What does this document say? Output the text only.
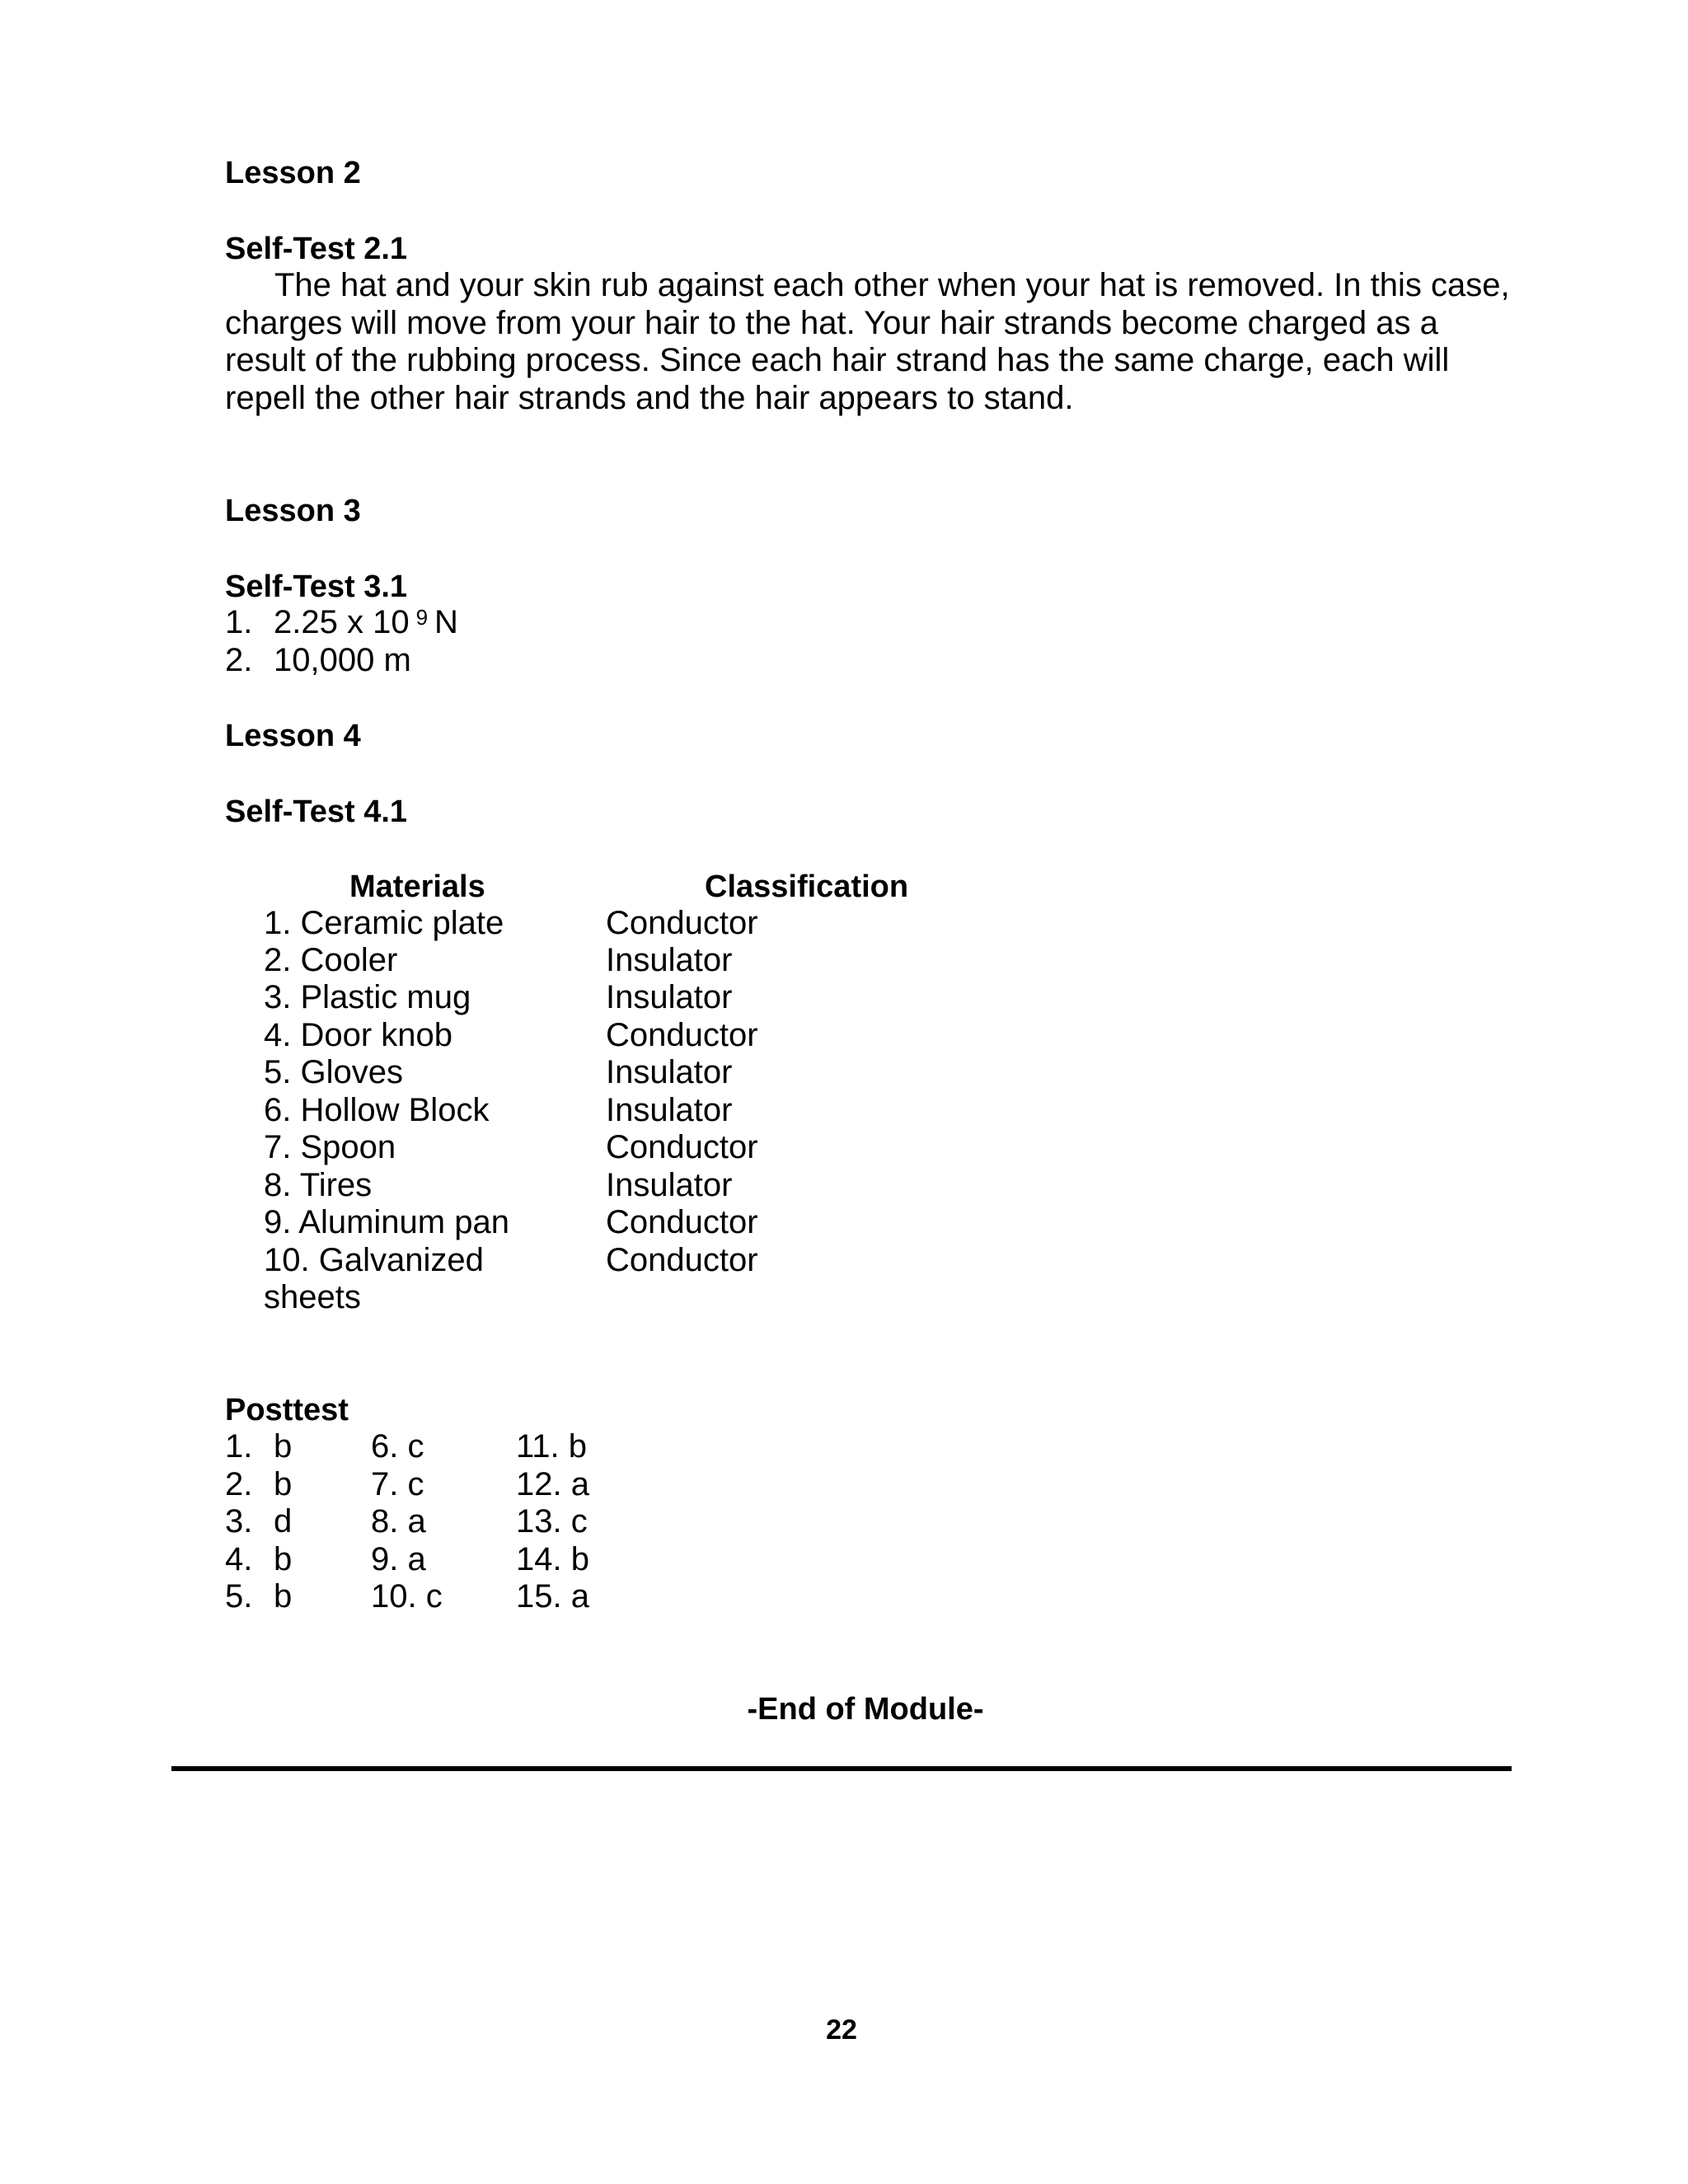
Lesson 2
Self-Test 2.1
The hat and your skin rub against each other when your hat is removed. In this case,
charges will move from your hair to the hat. Your hair strands become charged as a
result of the rubbing process. Since each hair strand has the same charge, each will
repell the other hair strands and the hair appears to stand.
Lesson 3
Self-Test 3.1
1. 2.25 x 10 $^9$ N
2. 10,000 m
Lesson 4
Self-Test 4.1
Materials	Classification
1. Ceramic plate	Conductor
2. Cooler	Insulator
3. Plastic mug	Insulator
4. Door knob	Conductor
5. Gloves	Insulator
6. Hollow Block	Insulator
7. Spoon	Conductor
8. Tires	Insulator
9. Aluminum pan	Conductor
10. Galvanized	Conductor
sheets
Posttest
1. b 6. c	11. b
2. b 7. c	12. a
3. d 8. a	13. c
4. b 9. a	14. b
5. b 10. c 15. a
-End of Module-
22
